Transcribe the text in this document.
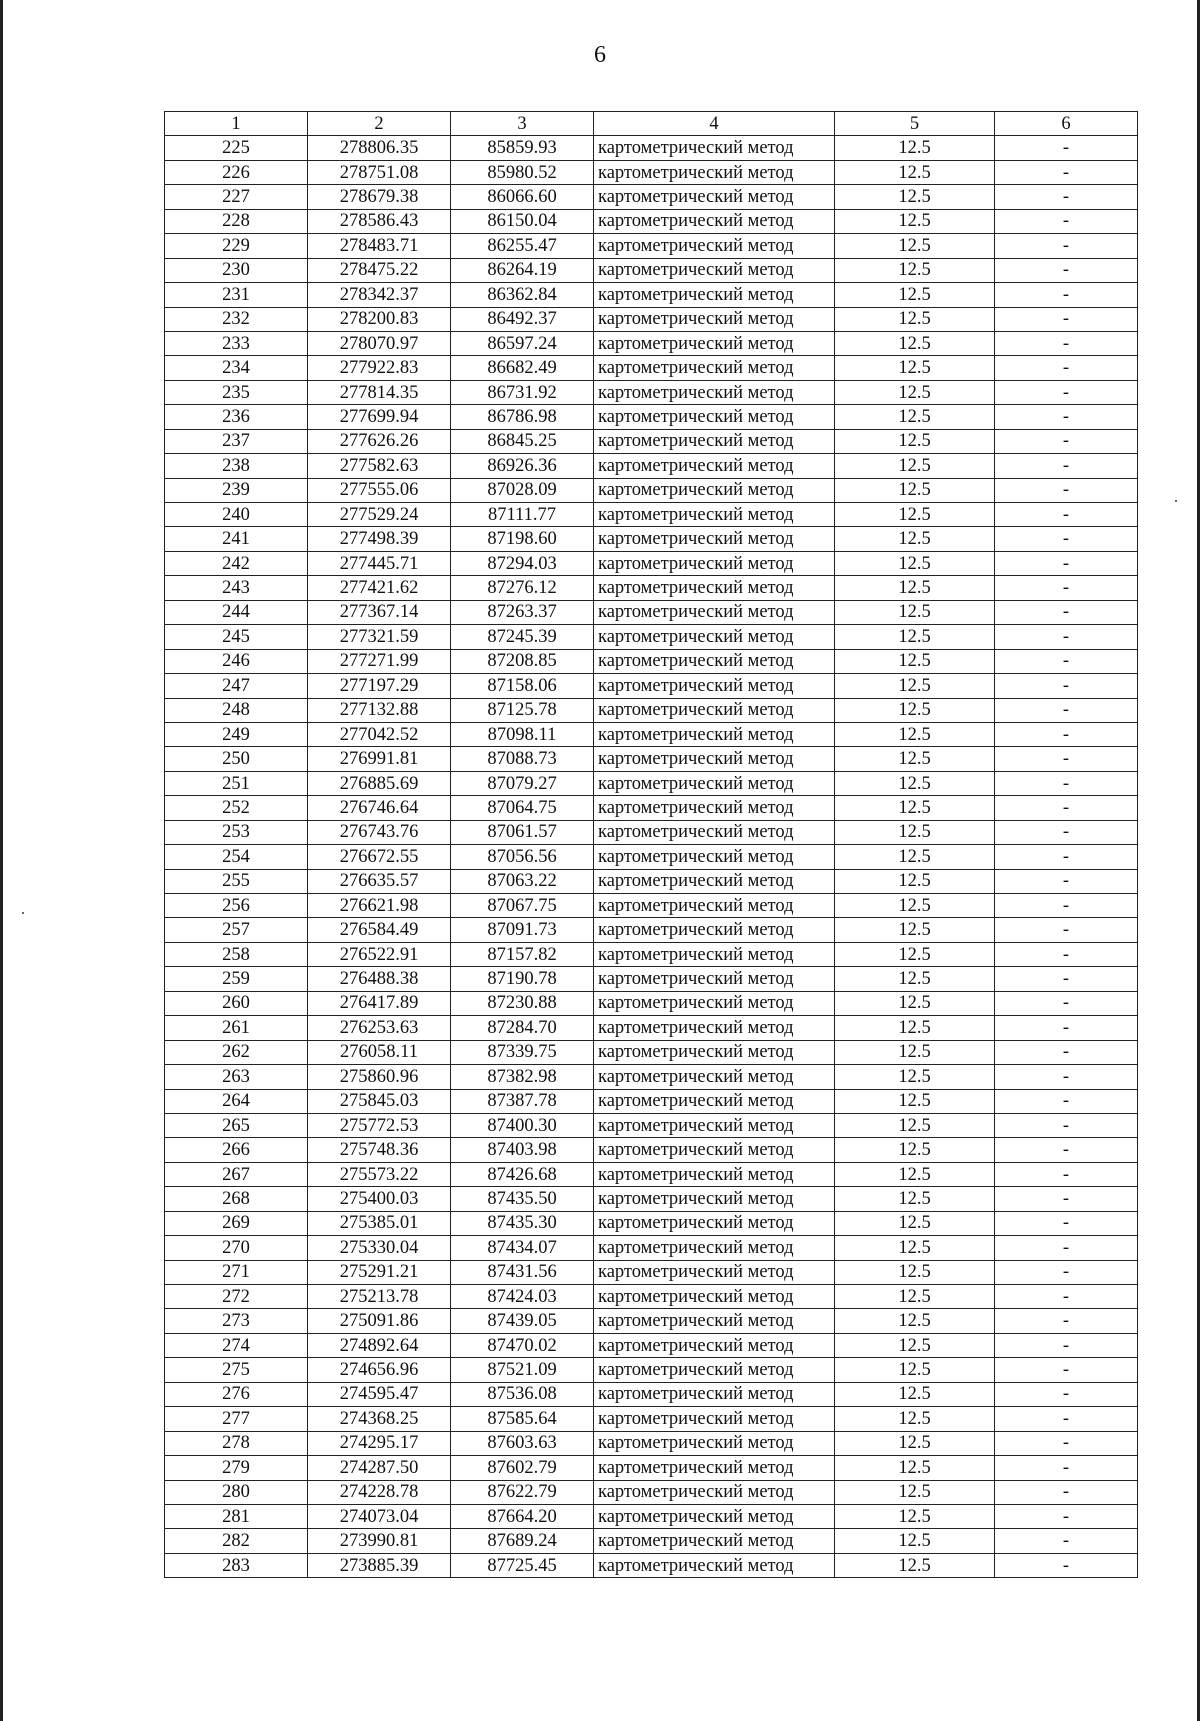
6
1	2	3	4	5	6
225	278806.35	85859.93	картометрический метод	12.5	-
226	278751.08	85980.52	картометрический метод	12.5	-
227	278679.38	86066.60	картометрический метод	12.5	-
228	278586.43	86150.04	картометрический метод	12.5	-
229	278483.71	86255.47	картометрический метод	12.5	-
230	278475.22	86264.19	картометрический метод	12.5	-
231	278342.37	86362.84	картометрический метод	12.5	-
232	278200.83	86492.37	картометрический метод	12.5	-
233	278070.97	86597.24	картометрический метод	12.5	-
234	277922.83	86682.49	картометрический метод	12.5	-
235	277814.35	86731.92	картометрический метод	12.5	-
236	277699.94	86786.98	картометрический метод	12.5	-
237	277626.26	86845.25	картометрический метод	12.5	-
238	277582.63	86926.36	картометрический метод	12.5	-
239	277555.06	87028.09	картометрический метод	12.5	-
240	277529.24	87111.77	картометрический метод	12.5	-
241	277498.39	87198.60	картометрический метод	12.5	-
242	277445.71	87294.03	картометрический метод	12.5	-
243	277421.62	87276.12	картометрический метод	12.5	-
244	277367.14	87263.37	картометрический метод	12.5	-
245	277321.59	87245.39	картометрический метод	12.5	-
246	277271.99	87208.85	картометрический метод	12.5	-
247	277197.29	87158.06	картометрический метод	12.5	-
248	277132.88	87125.78	картометрический метод	12.5	-
249	277042.52	87098.11	картометрический метод	12.5	-
250	276991.81	87088.73	картометрический метод	12.5	-
251	276885.69	87079.27	картометрический метод	12.5	-
252	276746.64	87064.75	картометрический метод	12.5	-
253	276743.76	87061.57	картометрический метод	12.5	-
254	276672.55	87056.56	картометрический метод	12.5	-
255	276635.57	87063.22	картометрический метод	12.5	-
256	276621.98	87067.75	картометрический метод	12.5	-
257	276584.49	87091.73	картометрический метод	12.5	-
258	276522.91	87157.82	картометрический метод	12.5	-
259	276488.38	87190.78	картометрический метод	12.5	-
260	276417.89	87230.88	картометрический метод	12.5	-
261	276253.63	87284.70	картометрический метод	12.5	-
262	276058.11	87339.75	картометрический метод	12.5	-
263	275860.96	87382.98	картометрический метод	12.5	-
264	275845.03	87387.78	картометрический метод	12.5	-
265	275772.53	87400.30	картометрический метод	12.5	-
266	275748.36	87403.98	картометрический метод	12.5	-
267	275573.22	87426.68	картометрический метод	12.5	-
268	275400.03	87435.50	картометрический метод	12.5	-
269	275385.01	87435.30	картометрический метод	12.5	-
270	275330.04	87434.07	картометрический метод	12.5	-
271	275291.21	87431.56	картометрический метод	12.5	-
272	275213.78	87424.03	картометрический метод	12.5	-
273	275091.86	87439.05	картометрический метод	12.5	-
274	274892.64	87470.02	картометрический метод	12.5	-
275	274656.96	87521.09	картометрический метод	12.5	-
276	274595.47	87536.08	картометрический метод	12.5	-
277	274368.25	87585.64	картометрический метод	12.5	-
278	274295.17	87603.63	картометрический метод	12.5	-
279	274287.50	87602.79	картометрический метод	12.5	-
280	274228.78	87622.79	картометрический метод	12.5	-
281	274073.04	87664.20	картометрический метод	12.5	-
282	273990.81	87689.24	картометрический метод	12.5	-
283	273885.39	87725.45	картометрический метод	12.5	-
